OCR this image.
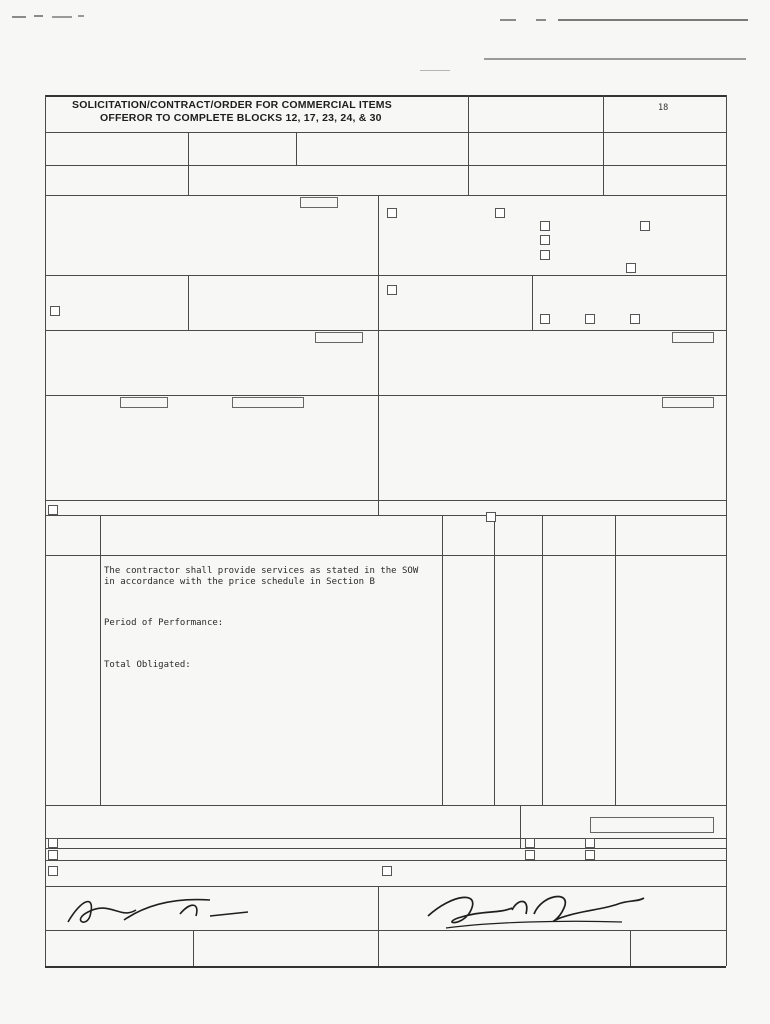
SOLICITATION/CONTRACT/ORDER FOR COMMERCIAL ITEMS
OFFEROR TO COMPLETE BLOCKS 12, 17, 23, 24, & 30
18
The contractor shall provide services as stated in the SOW
in accordance with the price schedule in Section B
Period of Performance:
Total Obligated:
